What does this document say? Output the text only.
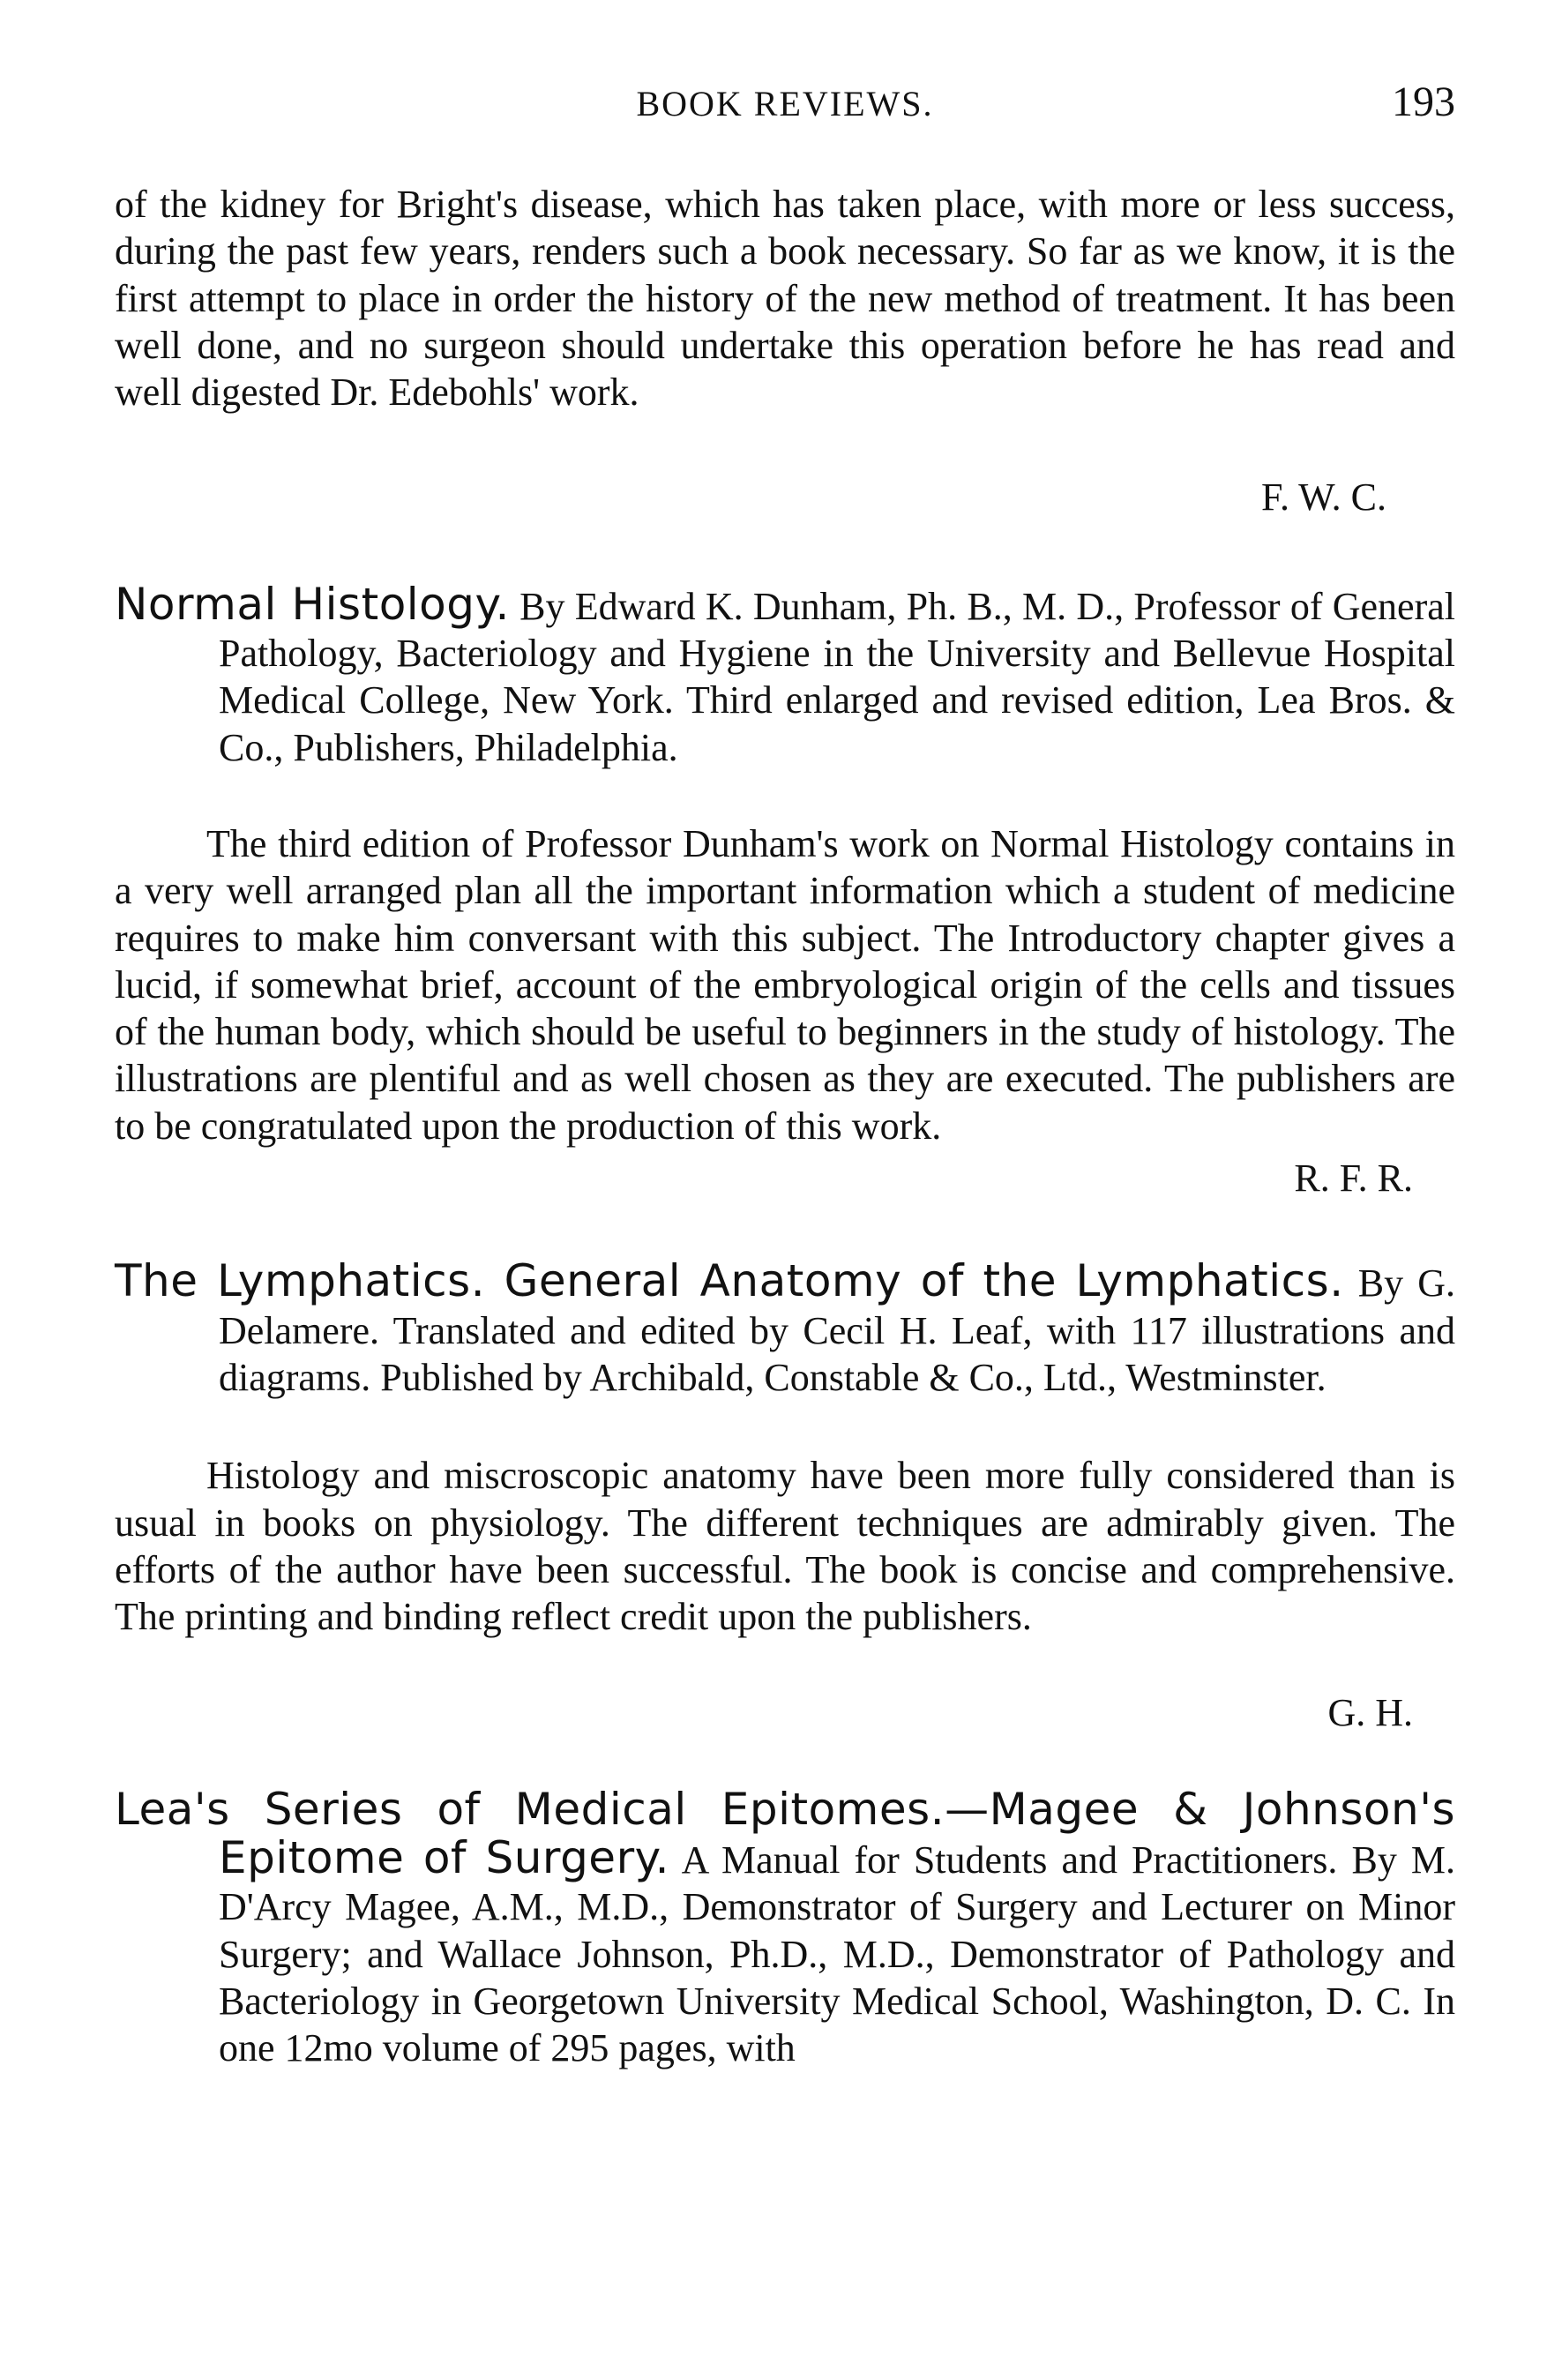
BOOK REVIEWS.	193

of the kidney for Bright's disease, which has taken place, with more or less success, during the past few years, renders such a book necessary. So far as we know, it is the first attempt to place in order the history of the new method of treatment. It has been well done, and no surgeon should undertake this operation before he has read and well digested Dr. Edebohls' work.

F. W. C.

Normal Histology. By Edward K. Dunham, Ph. B., M. D., Professor of General Pathology, Bacteriology and Hygiene in the University and Bellevue Hospital Medical College, New York. Third enlarged and revised edition, Lea Bros. & Co., Publishers, Philadelphia.

The third edition of Professor Dunham's work on Normal Histology contains in a very well arranged plan all the important information which a student of medicine requires to make him conversant with this subject. The Introductory chapter gives a lucid, if somewhat brief, account of the embryological origin of the cells and tissues of the human body, which should be useful to beginners in the study of histology. The illustrations are plentiful and as well chosen as they are executed. The publishers are to be congratulated upon the production of this work.

R. F. R.

The Lymphatics. General Anatomy of the Lymphatics. By G. Delamere. Translated and edited by Cecil H. Leaf, with 117 illustrations and diagrams. Published by Archibald, Constable & Co., Ltd., Westminster.

Histology and miscroscopic anatomy have been more fully considered than is usual in books on physiology. The different techniques are admirably given. The efforts of the author have been successful. The book is concise and comprehensive. The printing and binding reflect credit upon the publishers.

G. H.

Lea's Series of Medical Epitomes.—Magee & Johnson's Epitome of Surgery. A Manual for Students and Practitioners. By M. D'Arcy Magee, A.M., M.D., Demonstrator of Surgery and Lecturer on Minor Surgery; and Wallace Johnson, Ph.D., M.D., Demonstrator of Pathology and Bacteriology in Georgetown University Medical School, Washington, D. C. In one 12mo volume of 295 pages, with
